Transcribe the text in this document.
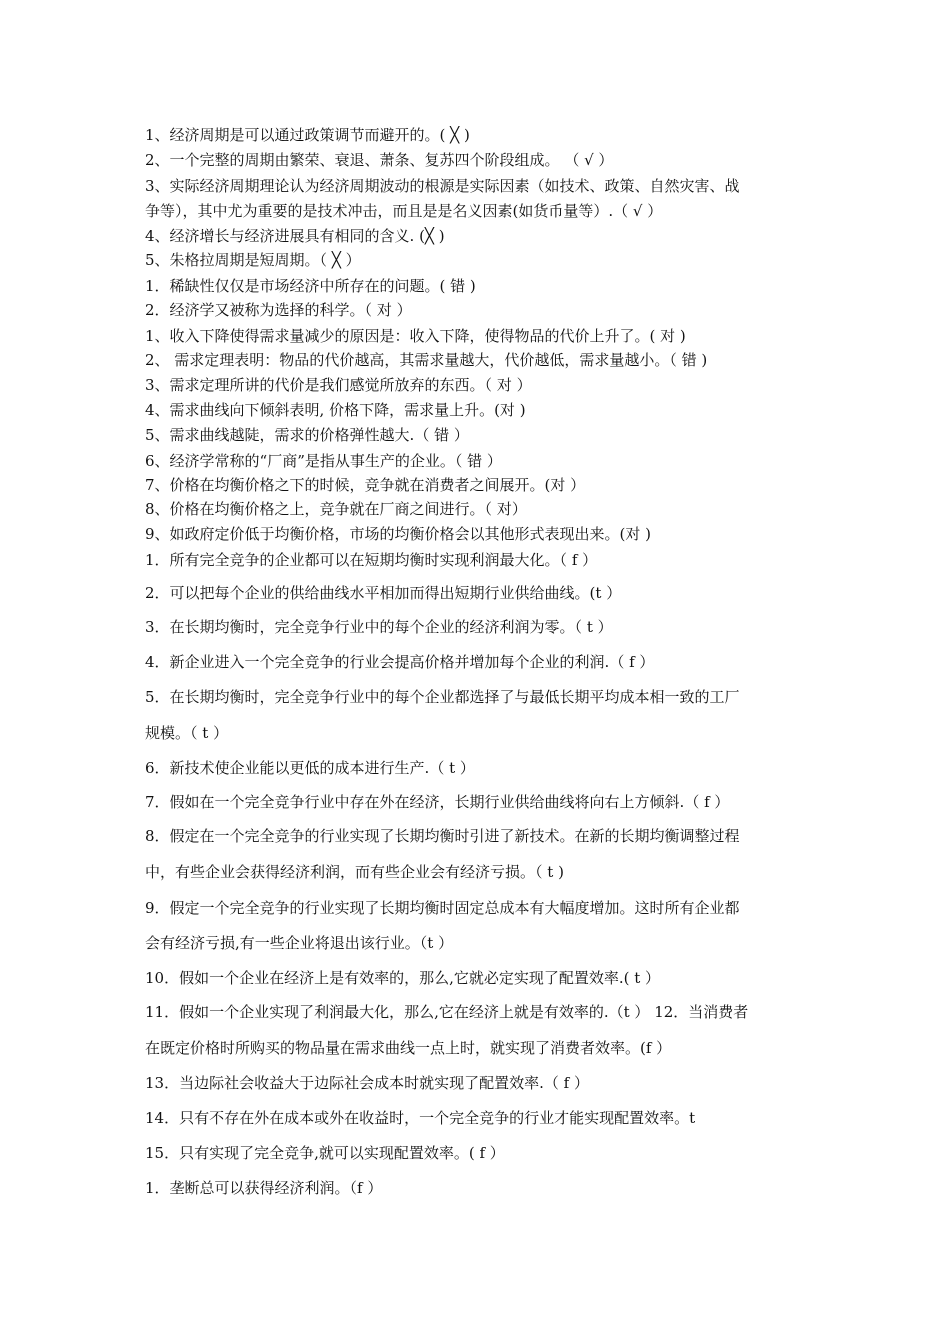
1、经济周期是可以通过政策调节而避开的。( ╳ )
2、一个完整的周期由繁荣、衰退、萧条、复苏四个阶段组成。 （ √ ）
3、实际经济周期理论认为经济周期波动的根源是实际因素（如技术、政策、自然灾害、战
争等），其中尤为重要的是技术冲击，而且是是名义因素(如货币量等）.（ √ ）
4、经济增长与经济进展具有相同的含义. (╳ )
5、朱格拉周期是短周期。（ ╳ ）
1．稀缺性仅仅是市场经济中所存在的问题。( 错 )
2．经济学又被称为选择的科学。（ 对 ）
1、收入下降使得需求量减少的原因是：收入下降，使得物品的代价上升了。( 对 )
2、 需求定理表明：物品的代价越高，其需求量越大，代价越低，需求量越小。（ 错 )
3、需求定理所讲的代价是我们感觉所放弃的东西。（ 对 ）
4、需求曲线向下倾斜表明, 价格下降，需求量上升。(对 )
5、需求曲线越陡，需求的价格弹性越大.（ 错 ）
6、经济学常称的“厂商”是指从事生产的企业。（ 错 ）
7、价格在均衡价格之下的时候，竞争就在消费者之间展开。(对 ）
8、价格在均衡价格之上，竞争就在厂商之间进行。（ 对）
9、如政府定价低于均衡价格，市场的均衡价格会以其他形式表现出来。(对 )
1．所有完全竞争的企业都可以在短期均衡时实现利润最大化。（ f ）
2．可以把每个企业的供给曲线水平相加而得出短期行业供给曲线。(t ）
3．在长期均衡时，完全竞争行业中的每个企业的经济利润为零。（ t ）
4．新企业进入一个完全竞争的行业会提高价格并增加每个企业的利润.（ f ）
5．在长期均衡时，完全竞争行业中的每个企业都选择了与最低长期平均成本相一致的工厂
规模。（ t ）
6．新技术使企业能以更低的成本进行生产.（ t ）
7．假如在一个完全竞争行业中存在外在经济，长期行业供给曲线将向右上方倾斜.（ f ）
8．假定在一个完全竞争的行业实现了长期均衡时引进了新技术。在新的长期均衡调整过程
中，有些企业会获得经济利润，而有些企业会有经济亏损。（ t )
9．假定一个完全竞争的行业实现了长期均衡时固定总成本有大幅度增加。这时所有企业都
会有经济亏损,有一些企业将退出该行业。（t ）
10．假如一个企业在经济上是有效率的，那么,它就必定实现了配置效率.( t ）
11．假如一个企业实现了利润最大化，那么,它在经济上就是有效率的.（t ） 12．当消费者
在既定价格时所购买的物品量在需求曲线一点上时，就实现了消费者效率。(f ）
13．当边际社会收益大于边际社会成本时就实现了配置效率.（ f ）
14．只有不存在外在成本或外在收益时，一个完全竞争的行业才能实现配置效率。t
15．只有实现了完全竞争,就可以实现配置效率。( f ）
1．垄断总可以获得经济利润。（f ）
